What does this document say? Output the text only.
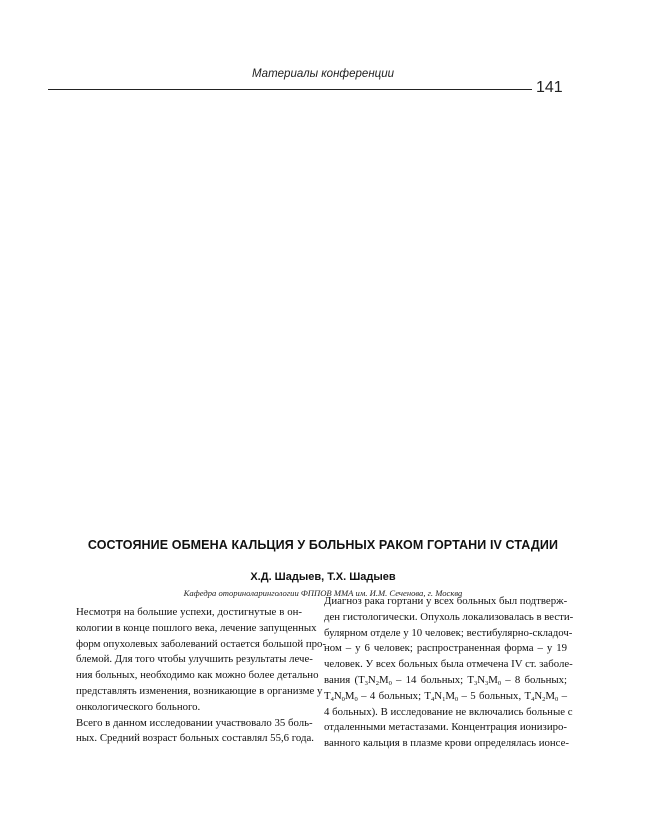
Материалы конференции
141
СОСТОЯНИЕ ОБМЕНА КАЛЬЦИЯ У БОЛЬНЫХ РАКОМ ГОРТАНИ IV СТАДИИ
Х.Д. Шадыев, Т.Х. Шадыев
Кафедра оториноларингологии ФППОВ ММА им. И.М. Сеченова, г. Москва

Несмотря на большие успехи, достигнутые в он-
кологии в конце пошлого века, лечение запущенных
форм опухолевых заболеваний остается большой про-
блемой. Для того чтобы улучшить результаты лече-
ния больных, необходимо как можно более детально
представлять изменения, возникающие в организме у
онкологического больного.

Всего в данном исследовании участвовало 35 боль-
ных. Средний возраст больных составлял 55,6 года.

Диагноз рака гортани у всех больных был подтверж-
ден гистологически. Опухоль локализовалась в вести-
булярном отделе у 10 человек; вестибулярно-складоч-
ном – у 6 человек; распространенная форма – у 19
человек. У всех больных была отмечена IV ст. заболе-
вания ($T_3N_2M_0 - 14$ больных; $T_3N_3M_0 - 8$ больных;
$T_4N_0M_0 - 4$ больных; $T_4N_1M_0 - 5$ больных, $T_4N_2M_0$ –
4 больных). В исследование не включались больные с
отдаленными метастазами. Концентрация ионизиро-
ванного кальция в плазме крови определялась ионсе-
